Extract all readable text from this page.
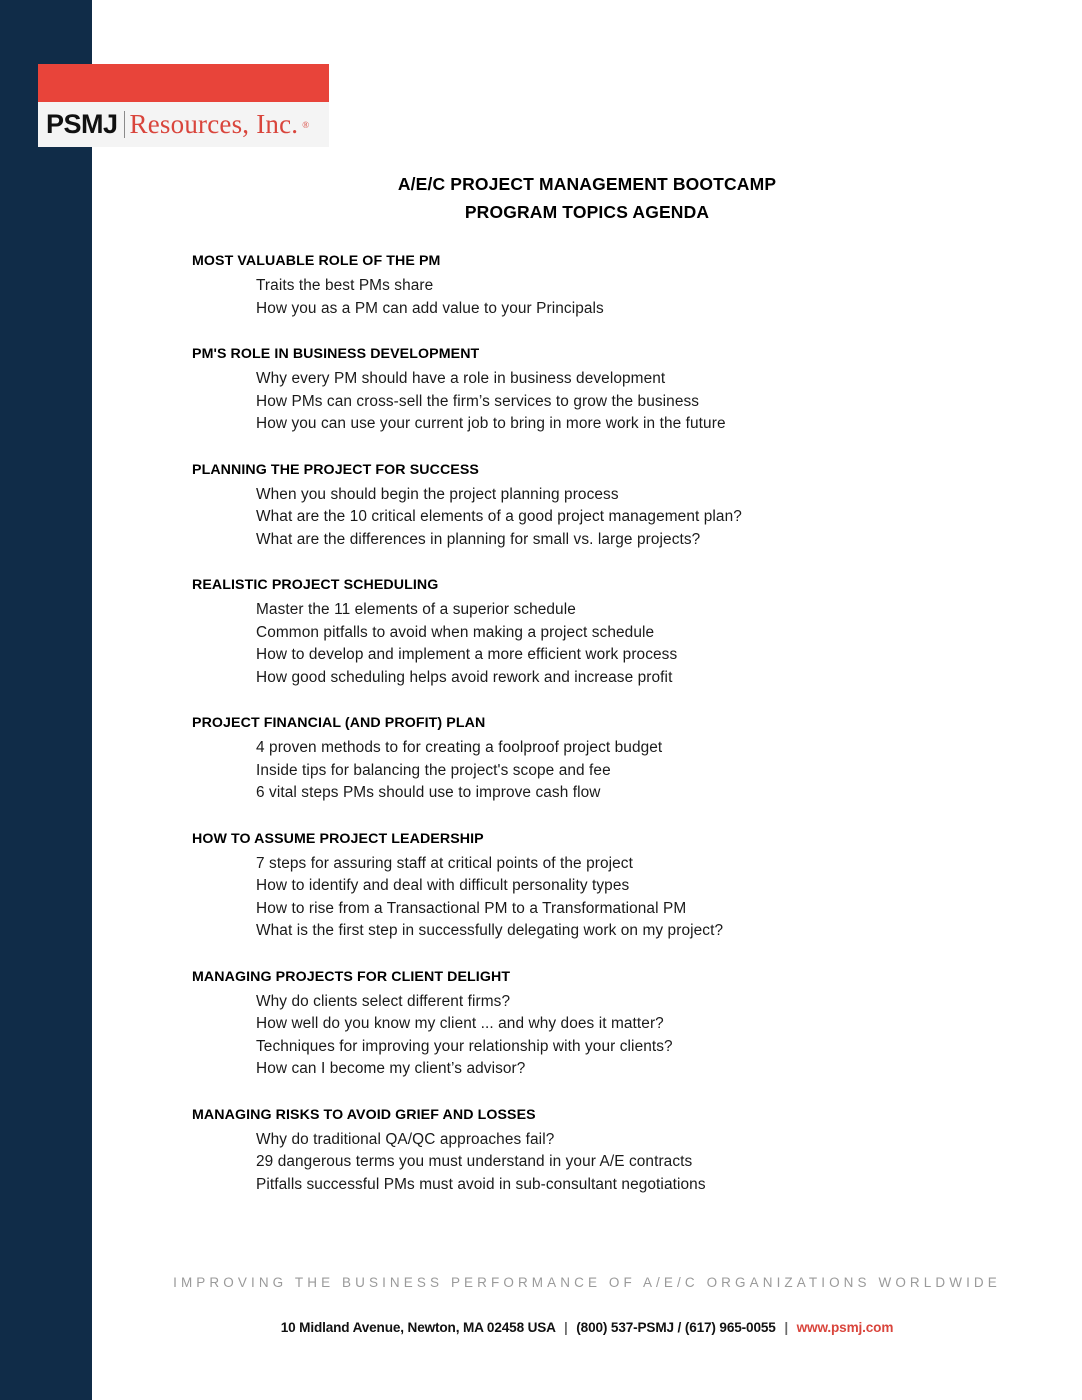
PSMJ Resources, Inc. ®
A/E/C PROJECT MANAGEMENT BOOTCAMP
PROGRAM TOPICS AGENDA
MOST VALUABLE ROLE OF THE PM
Traits the best PMs share
How you as a PM can add value to your Principals
PM'S ROLE IN BUSINESS DEVELOPMENT
Why every PM should have a role in business development
How PMs can cross-sell the firm’s services to grow the business
How you can use your current job to bring in more work in the future
PLANNING THE PROJECT FOR SUCCESS
When you should begin the project planning process
What are the 10 critical elements of a good project management plan?
What are the differences in planning for small vs. large projects?
REALISTIC PROJECT SCHEDULING
Master the 11 elements of a superior schedule
Common pitfalls to avoid when making a project schedule
How to develop and implement a more efficient work process
How good scheduling helps avoid rework and increase profit
PROJECT FINANCIAL (AND PROFIT) PLAN
4 proven methods to for creating a foolproof project budget
Inside tips for balancing the project's scope and fee
6 vital steps PMs should use to improve cash flow
HOW TO ASSUME PROJECT LEADERSHIP
7 steps for assuring staff at critical points of the project
How to identify and deal with difficult personality types
How to rise from a Transactional PM to a Transformational PM
What is the first step in successfully delegating work on my project?
MANAGING PROJECTS FOR CLIENT DELIGHT
Why do clients select different firms?
How well do you know my client ... and why does it matter?
Techniques for improving your relationship with your clients?
How can I become my client’s advisor?
MANAGING RISKS TO AVOID GRIEF AND LOSSES
Why do traditional QA/QC approaches fail?
29 dangerous terms you must understand in your A/E contracts
Pitfalls successful PMs must avoid in sub-consultant negotiations
IMPROVING THE BUSINESS PERFORMANCE OF A/E/C ORGANIZATIONS WORLDWIDE
10 Midland Avenue, Newton, MA 02458 USA | (800) 537-PSMJ / (617) 965-0055 | www.psmj.com
